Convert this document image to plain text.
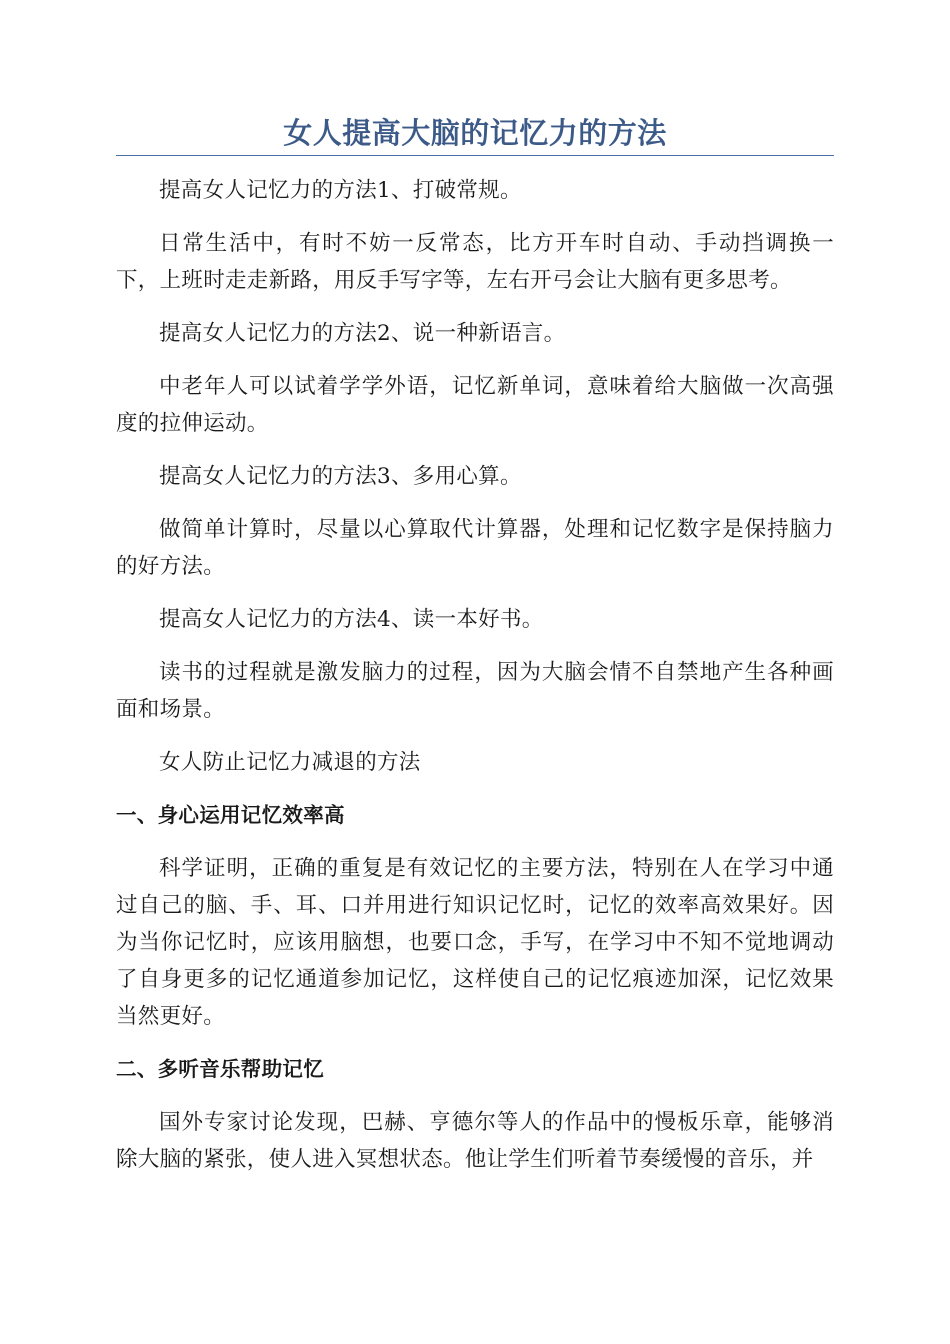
女人提高大脑的记忆力的方法

提高女人记忆力的方法1、打破常规。

日常生活中，有时不妨一反常态，比方开车时自动、手动挡调换一下，上班时走走新路，用反手写字等，左右开弓会让大脑有更多思考。

提高女人记忆力的方法2、说一种新语言。

中老年人可以试着学学外语，记忆新单词，意味着给大脑做一次高强度的拉伸运动。

提高女人记忆力的方法3、多用心算。

做简单计算时，尽量以心算取代计算器，处理和记忆数字是保持脑力的好方法。

提高女人记忆力的方法4、读一本好书。

读书的过程就是激发脑力的过程，因为大脑会情不自禁地产生各种画面和场景。

女人防止记忆力减退的方法

一、身心运用记忆效率高

科学证明，正确的重复是有效记忆的主要方法，特别在人在学习中通过自己的脑、手、耳、口并用进行知识记忆时，记忆的效率高效果好。因为当你记忆时，应该用脑想，也要口念，手写，在学习中不知不觉地调动了自身更多的记忆通道参加记忆，这样使自己的记忆痕迹加深，记忆效果当然更好。

二、多听音乐帮助记忆

国外专家讨论发现，巴赫、亨德尔等人的作品中的慢板乐章，能够消除大脑的紧张，使人进入冥想状态。他让学生们听着节奏缓慢的音乐，并
